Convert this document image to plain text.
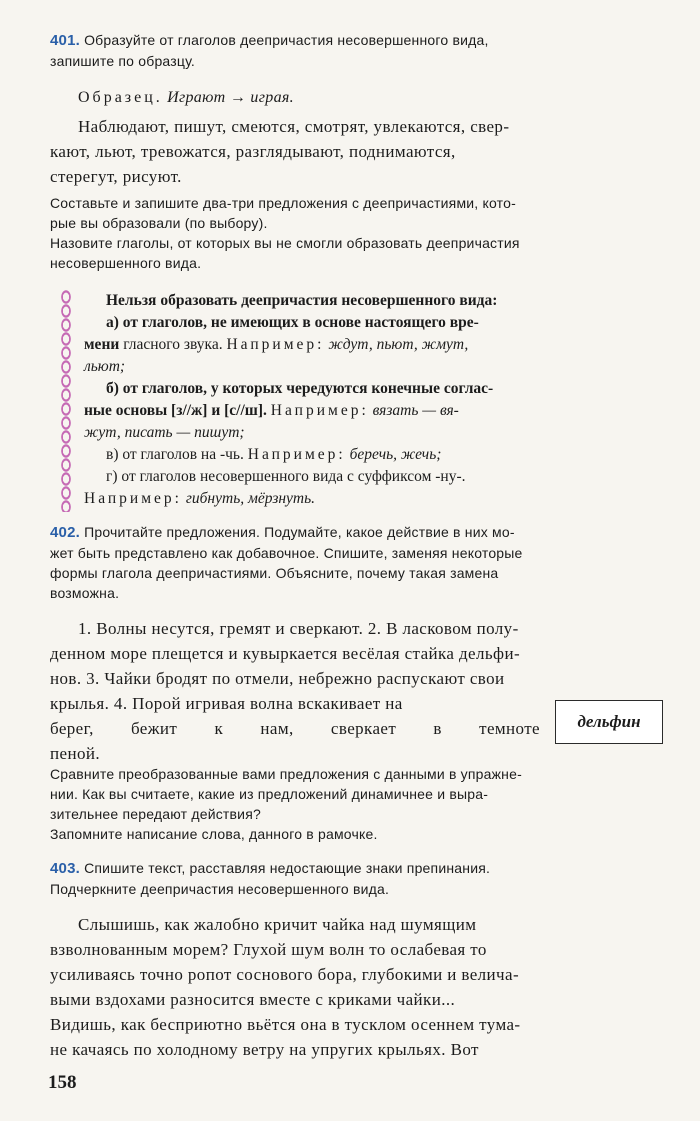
401. Образуйте от глаголов деепричастия несовершенного вида,
запишите по образцу.
Образец. Играют → играя.
Наблюдают, пишут, смеются, смотрят, увлекаются, свер-
кают, льют, тревожатся, разглядывают, поднимаются,
стерегут, рисуют.
Составьте и запишите два-три предложения с деепричастиями, кото-
рые вы образовали (по выбору).
Назовите глаголы, от которых вы не смогли образовать деепричастия
несовершенного вида.
Нельзя образовать деепричастия несовершенного вида:
а) от глаголов, не имеющих в основе настоящего вре-
мени гласного звука. Например: ждут, пьют, жмут,
льют;
б) от глаголов, у которых чередуются конечные соглас-
ные основы [з//ж] и [с//ш]. Например: вязать — вя-
жут, писать — пишут;
в) от глаголов на -чь. Например: беречь, жечь;
г) от глаголов несовершенного вида с суффиксом -ну-.
Например: гибнуть, мёрзнуть.
402. Прочитайте предложения. Подумайте, какое действие в них мо-
жет быть представлено как добавочное. Спишите, заменяя некоторые
формы глагола деепричастиями. Объясните, почему такая замена
возможна.
1. Волны несутся, гремят и сверкают. 2. В ласковом полу-
денном море плещется и кувыркается весёлая стайка дельфи-
нов. 3. Чайки бродят по отмели, небрежно распускают свои
крылья. 4. Порой игривая волна вскакивает на
берег, бежит к нам, сверкает в темноте
пеной.
дельфин
Сравните преобразованные вами предложения с данными в упражне-
нии. Как вы считаете, какие из предложений динамичнее и выра-
зительнее передают действия?
Запомните написание слова, данного в рамочке.
403. Спишите текст, расставляя недостающие знаки препинания.
Подчеркните деепричастия несовершенного вида.
Слышишь, как жалобно кричит чайка над шумящим
взволнованным морем? Глухой шум волн то ослабевая то
усиливаясь точно ропот соснового бора, глубокими и велича-
выми вздохами разносится вместе с криками чайки...
Видишь, как бесприютно вьётся она в тусклом осеннем тума-
не качаясь по холодному ветру на упругих крыльях. Вот
158
